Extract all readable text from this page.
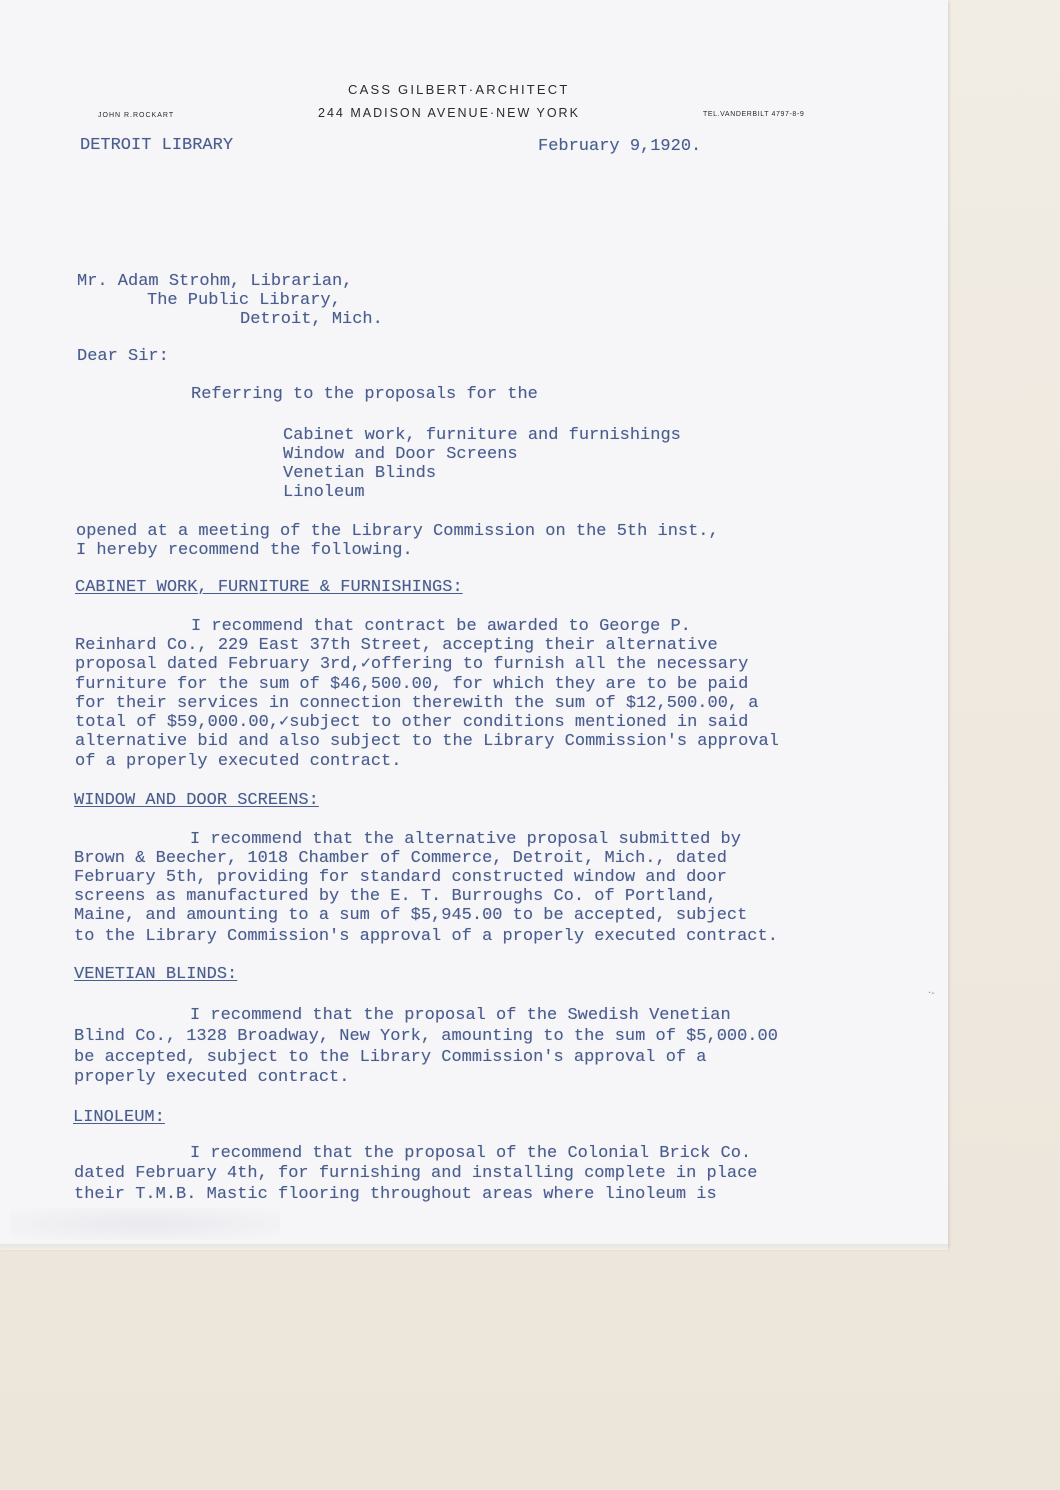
CASS GILBERT·ARCHITECT
244 MADISON AVENUE·NEW YORK
JOHN R.ROCKART	TEL.VANDERBILT 4797-8-9
DETROIT LIBRARY	February 9,1920.
Mr. Adam Strohm, Librarian,
The Public Library,
Detroit, Mich.
Dear Sir:
Referring to the proposals for the
Cabinet work, furniture and furnishings
Window and Door Screens
Venetian Blinds
Linoleum
opened at a meeting of the Library Commission on the 5th inst.,
I hereby recommend the following.
CABINET WORK, FURNITURE & FURNISHINGS:
I recommend that contract be awarded to George P.
Reinhard Co., 229 East 37th Street, accepting their alternative
proposal dated February 3rd,✓offering to furnish all the necessary
furniture for the sum of $46,500.00, for which they are to be paid
for their services in connection therewith the sum of $12,500.00, a
total of $59,000.00,✓subject to other conditions mentioned in said
alternative bid and also subject to the Library Commission's approval
of a properly executed contract.
WINDOW AND DOOR SCREENS:
I recommend that the alternative proposal submitted by
Brown & Beecher, 1018 Chamber of Commerce, Detroit, Mich., dated
February 5th, providing for standard constructed window and door
screens as manufactured by the E. T. Burroughs Co. of Portland,
Maine, and amounting to a sum of $5,945.00 to be accepted, subject
to the Library Commission's approval of a properly executed contract.
VENETIAN BLINDS:
I recommend that the proposal of the Swedish Venetian
Blind Co., 1328 Broadway, New York, amounting to the sum of $5,000.00
be accepted, subject to the Library Commission's approval of a
properly executed contract.
LINOLEUM:
I recommend that the proposal of the Colonial Brick Co.
dated February 4th, for furnishing and installing complete in place
their T.M.B. Mastic flooring throughout areas where linoleum is
·‐
